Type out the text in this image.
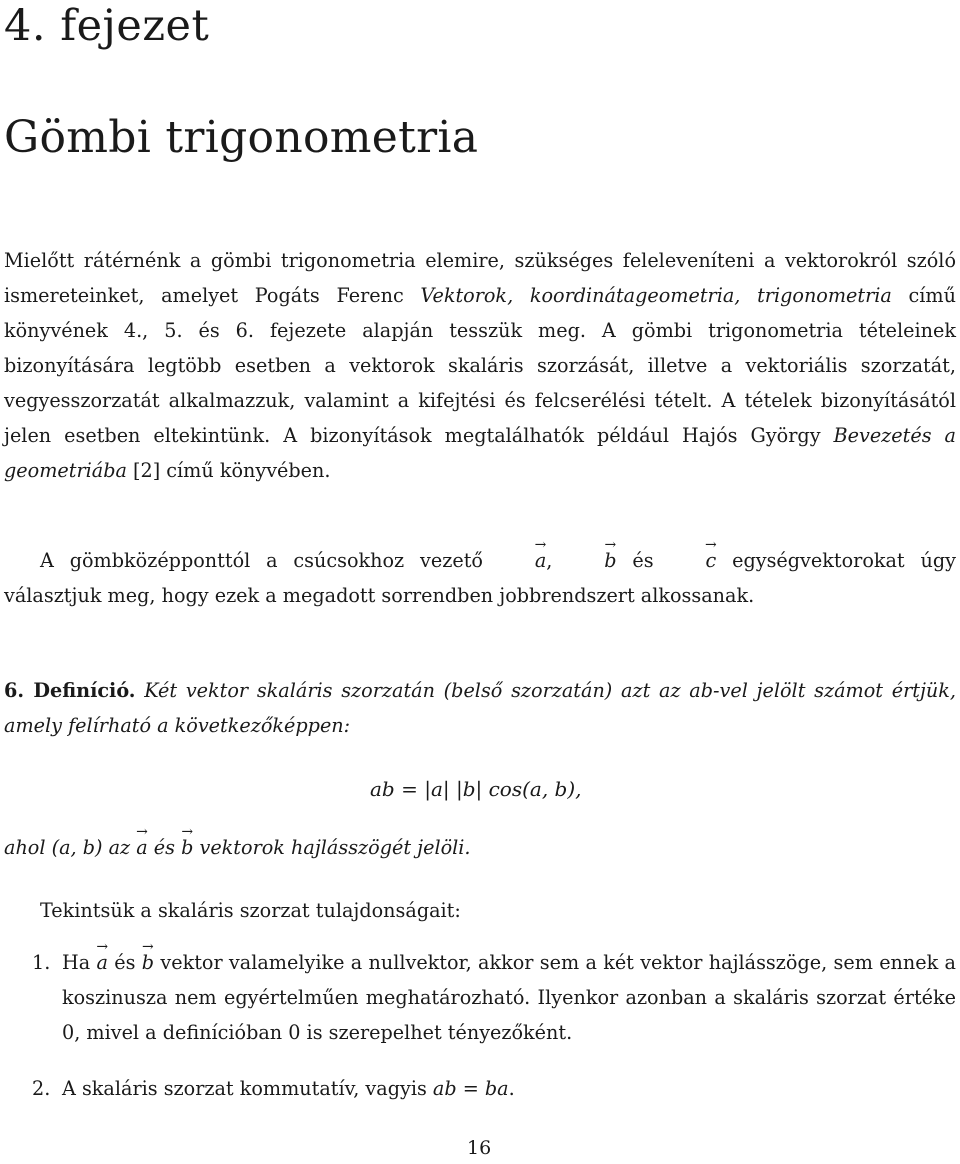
4. fejezet
Gömbi trigonometria
Mielőtt rátérnénk a gömbi trigonometria elemire, szükséges feleleveníteni a vektorokról szóló ismereteinket, amelyet Pogáts Ferenc Vektorok, koordinátageometria, trigonometria című könyvének 4., 5. és 6. fejezete alapján tesszük meg. A gömbi trigonometria tételeinek bizonyítására legtöbb esetben a vektorok skaláris szorzását, illetve a vektoriális szorzatát, vegyesszorzatát alkalmazzuk, valamint a kifejtési és felcserélési tételt. A tételek bizonyításától jelen esetben eltekintünk. A bizonyítások megtalálhatók például Hajós György Bevezetés a geometriába [2] című könyvében.
A gömbközépponttól a csúcsokhoz vezető a →, b → és c → egységvektorokat úgy választjuk meg, hogy ezek a megadott sorrendben jobbrendszert alkossanak.
6. Definíció. Két vektor skaláris szorzatán (belső szorzatán) azt az ab-vel jelölt számot értjük, amely felírható a következőképpen:
ab = |a| |b| cos(a, b),
ahol (a, b) az a → és b → vektorok hajlásszögét jelöli.
Tekintsük a skaláris szorzat tulajdonságait:
1. Ha a → és b → vektor valamelyike a nullvektor, akkor sem a két vektor hajlásszöge, sem ennek a koszinusza nem egyértelműen meghatározható. Ilyenkor azonban a skaláris szorzat értéke 0, mivel a definícióban 0 is szerepelhet tényezőként.
2. A skaláris szorzat kommutatív, vagyis ab = ba.
16
